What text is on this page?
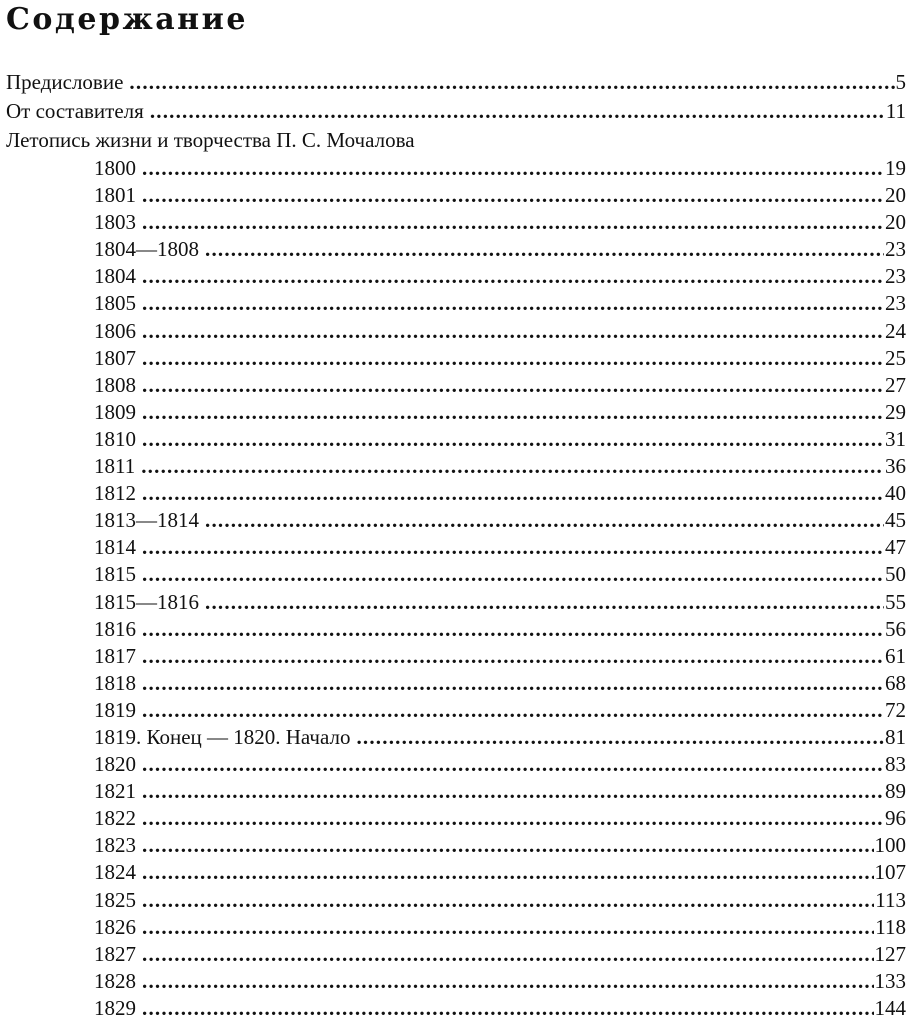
Содержание
Предисловие .....	5
От составителя .....	11
Летопись жизни и творчества П. С. Мочалова
1800 .....	19
1801 .....	20
1803 .....	20
1804—1808 .....	23
1804 .....	23
1805 .....	23
1806 .....	24
1807 .....	25
1808 .....	27
1809 .....	29
1810 .....	31
1811 .....	36
1812 .....	40
1813—1814 .....	45
1814 .....	47
1815 .....	50
1815—1816 .....	55
1816 .....	56
1817 .....	61
1818 .....	68
1819 .....	72
1819. Конец — 1820. Начало .....	81
1820 .....	83
1821 .....	89
1822 .....	96
1823 .....	100
1824 .....	107
1825 .....	113
1826 .....	118
1827 .....	127
1828 .....	133
1829 .....	144
